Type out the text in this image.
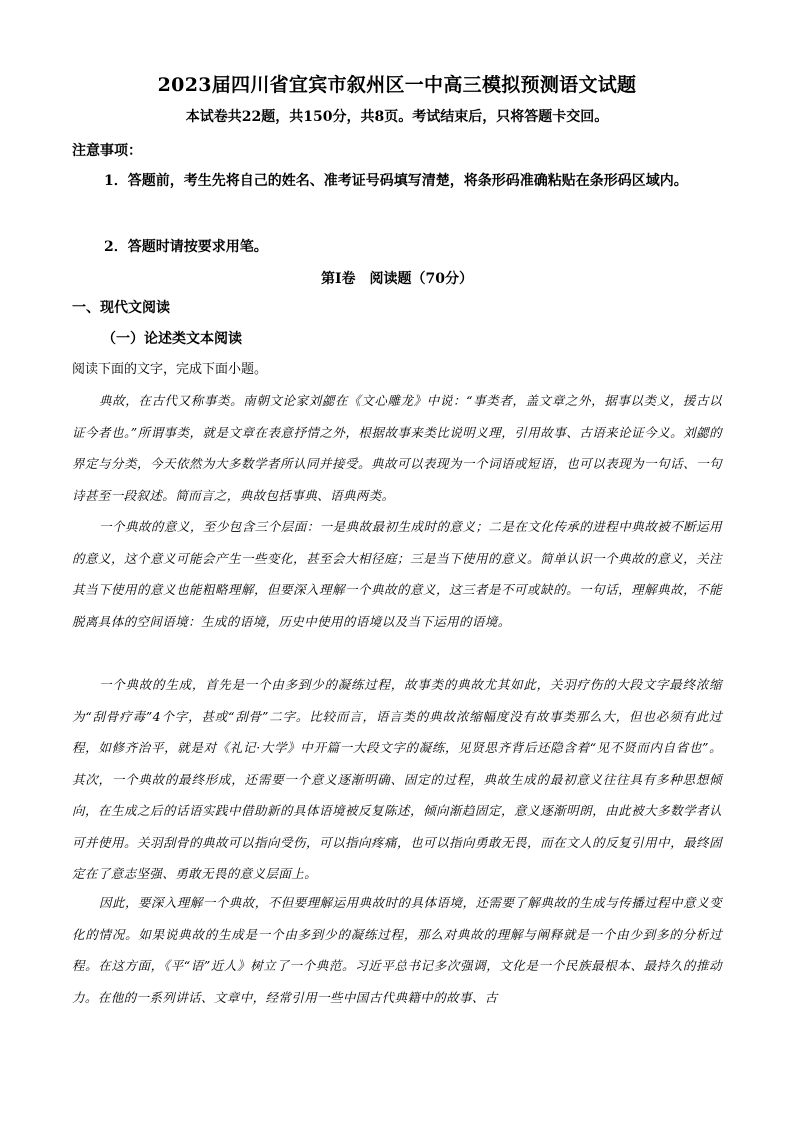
2023届四川省宜宾市叙州区一中高三模拟预测语文试题
本试卷共22题，共150分，共8页。考试结束后，只将答题卡交回。
注意事项：
1．答题前，考生先将自己的姓名、准考证号码填写清楚，将条形码准确粘贴在条形码区域内。
2．答题时请按要求用笔。
第Ⅰ卷　阅读题（70分）
一、现代文阅读
（一）论述类文本阅读
阅读下面的文字，完成下面小题。
典故，在古代又称事类。南朝文论家刘勰在《文心雕龙》中说：“事类者，盖文章之外，据事以类义，援古以证今者也。”所谓事类，就是文章在表意抒情之外，根据故事来类比说明义理，引用故事、古语来论证今义。刘勰的界定与分类，今天依然为大多数学者所认同并接受。典故可以表现为一个词语或短语，也可以表现为一句话、一句诗甚至一段叙述。简而言之，典故包括事典、语典两类。
一个典故的意义，至少包含三个层面：一是典故最初生成时的意义；二是在文化传承的进程中典故被不断运用的意义，这个意义可能会产生一些变化，甚至会大相径庭；三是当下使用的意义。简单认识一个典故的意义，关注其当下使用的意义也能粗略理解，但要深入理解一个典故的意义，这三者是不可或缺的。一句话，理解典故，不能脱离具体的空间语境：生成的语境，历史中使用的语境以及当下运用的语境。
一个典故的生成，首先是一个由多到少的凝练过程，故事类的典故尤其如此，关羽疗伤的大段文字最终浓缩为“刮骨疗毒”4个字，甚或“刮骨”二字。比较而言，语言类的典故浓缩幅度没有故事类那么大，但也必须有此过程，如修齐治平，就是对《礼记·大学》中开篇一大段文字的凝练，见贤思齐背后还隐含着“见不贤而内自省也”。其次，一个典故的最终形成，还需要一个意义逐渐明确、固定的过程，典故生成的最初意义往往具有多种思想倾向，在生成之后的话语实践中借助新的具体语境被反复陈述，倾向渐趋固定，意义逐渐明朗，由此被大多数学者认可并使用。关羽刮骨的典故可以指向受伤，可以指向疼痛，也可以指向勇敢无畏，而在文人的反复引用中，最终固定在了意志坚强、勇敢无畏的意义层面上。
因此，要深入理解一个典故，不但要理解运用典故时的具体语境，还需要了解典故的生成与传播过程中意义变化的情况。如果说典故的生成是一个由多到少的凝练过程，那么对典故的理解与阐释就是一个由少到多的分析过程。在这方面，《平“语”近人》树立了一个典范。习近平总书记多次强调，文化是一个民族最根本、最持久的推动力。在他的一系列讲话、文章中，经常引用一些中国古代典籍中的故事、古
